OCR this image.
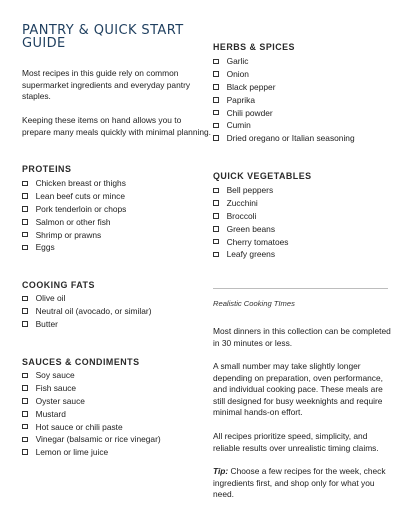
PANTRY & QUICK START GUIDE

Most recipes in this guide rely on common supermarket ingredients and everyday pantry staples.

Keeping these items on hand allows you to prepare many meals quickly with minimal planning.

PROTEINS
Chicken breast or thighs
Lean beef cuts or mince
Pork tenderloin or chops
Salmon or other fish
Shrimp or prawns
Eggs
COOKING FATS
Olive oil
Neutral oil (avocado, or similar)
Butter
SAUCES & CONDIMENTS
Soy sauce
Fish sauce
Oyster sauce
Mustard
Hot sauce or chili paste
Vinegar (balsamic or rice vinegar)
Lemon or lime juice
HERBS & SPICES
Garlic
Onion
Black pepper
Paprika
Chili powder
Cumin
Dried oregano or Italian seasoning
QUICK VEGETABLES
Bell peppers
Zucchini
Broccoli
Green beans
Cherry tomatoes
Leafy greens

Realistic Cooking TImes

Most dinners in this collection can be completed in 30 minutes or less.

A small number may take slightly longer depending on preparation, oven performance, and individual cooking pace. These meals are still designed for busy weeknights and require minimal hands-on effort.

All recipes prioritize speed, simplicity, and reliable results over unrealistic timing claims.

Tip: Choose a few recipes for the week, check ingredients first, and shop only for what you need.
